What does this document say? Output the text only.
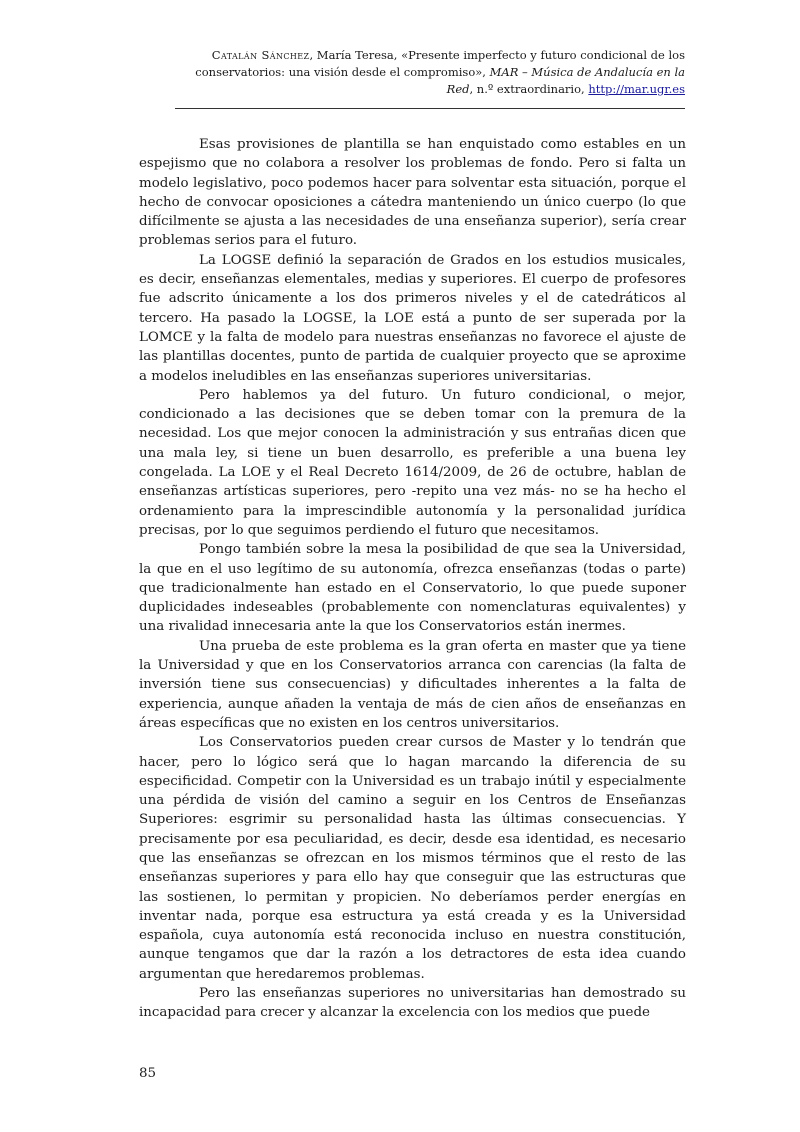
Catalán Sánchez, María Teresa, «Presente imperfecto y futuro condicional de los conservatorios: una visión desde el compromiso», MAR – Música de Andalucía en la Red, n.º extraordinario, http://mar.ugr.es

Esas provisiones de plantilla se han enquistado como estables en un espejismo que no colabora a resolver los problemas de fondo. Pero si falta un modelo legislativo, poco podemos hacer para solventar esta situación, porque el hecho de convocar oposiciones a cátedra manteniendo un único cuerpo (lo que difícilmente se ajusta a las necesidades de una enseñanza superior), sería crear problemas serios para el futuro.

La LOGSE definió la separación de Grados en los estudios musicales, es decir, enseñanzas elementales, medias y superiores. El cuerpo de profesores fue adscrito únicamente a los dos primeros niveles y el de catedráticos al tercero. Ha pasado la LOGSE, la LOE está a punto de ser superada por la LOMCE y la falta de modelo para nuestras enseñanzas no favorece el ajuste de las plantillas docentes, punto de partida de cualquier proyecto que se aproxime a modelos ineludibles en las enseñanzas superiores universitarias.

Pero hablemos ya del futuro. Un futuro condicional, o mejor, condicionado a las decisiones que se deben tomar con la premura de la necesidad. Los que mejor conocen la administración y sus entrañas dicen que una mala ley, si tiene un buen desarrollo, es preferible a una buena ley congelada. La LOE y el Real Decreto 1614/2009, de 26 de octubre, hablan de enseñanzas artísticas superiores, pero -repito una vez más- no se ha hecho el ordenamiento para la imprescindible autonomía y la personalidad jurídica precisas, por lo que seguimos perdiendo el futuro que necesitamos.

Pongo también sobre la mesa la posibilidad de que sea la Universidad, la que en el uso legítimo de su autonomía, ofrezca enseñanzas (todas o parte) que tradicionalmente han estado en el Conservatorio, lo que puede suponer duplicidades indeseables (probablemente con nomenclaturas equivalentes) y una rivalidad innecesaria ante la que los Conservatorios están inermes.

Una prueba de este problema es la gran oferta en master que ya tiene la Universidad y que en los Conservatorios arranca con carencias (la falta de inversión tiene sus consecuencias) y dificultades inherentes a la falta de experiencia, aunque añaden la ventaja de más de cien años de enseñanzas en áreas específicas que no existen en los centros universitarios.

Los Conservatorios pueden crear cursos de Master y lo tendrán que hacer, pero lo lógico será que lo hagan marcando la diferencia de su especificidad. Competir con la Universidad es un trabajo inútil y especialmente una pérdida de visión del camino a seguir en los Centros de Enseñanzas Superiores: esgrimir su personalidad hasta las últimas consecuencias. Y precisamente por esa peculiaridad, es decir, desde esa identidad, es necesario que las enseñanzas se ofrezcan en los mismos términos que el resto de las enseñanzas superiores y para ello hay que conseguir que las estructuras que las sostienen, lo permitan y propicien. No deberíamos perder energías en inventar nada, porque esa estructura ya está creada y es la Universidad española, cuya autonomía está reconocida incluso en nuestra constitución, aunque tengamos que dar la razón a los detractores de esta idea cuando argumentan que heredaremos problemas.

Pero las enseñanzas superiores no universitarias han demostrado su incapacidad para crecer y alcanzar la excelencia con los medios que puede

85
